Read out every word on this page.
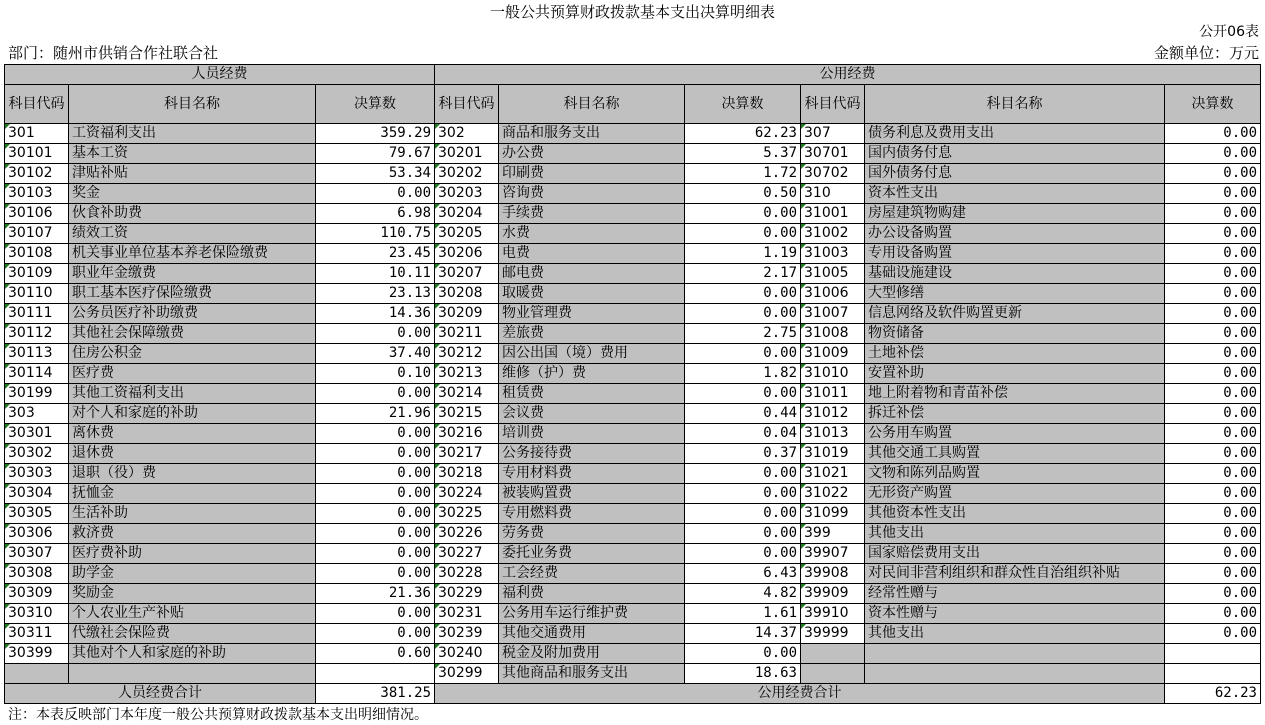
一般公共预算财政拨款基本支出决算明细表
公开06表
部门：随州市供销合作社联合社	金额单位：万元
人员经费			公用经费					
科目代码	科目名称	决算数	科目代码	科目名称	决算数	科目代码	科目名称	决算数
301	工资福利支出	359.29	302	商品和服务支出	62.23	307	债务利息及费用支出	0.00
30101	基本工资	79.67	30201	办公费	5.37	30701	国内债务付息	0.00
30102	津贴补贴	53.34	30202	印刷费	1.72	30702	国外债务付息	0.00
30103	奖金	0.00	30203	咨询费	0.50	310	资本性支出	0.00
30106	伙食补助费	6.98	30204	手续费	0.00	31001	房屋建筑物购建	0.00
30107	绩效工资	110.75	30205	水费	0.00	31002	办公设备购置	0.00
30108	机关事业单位基本养老保险缴费	23.45	30206	电费	1.19	31003	专用设备购置	0.00
30109	职业年金缴费	10.11	30207	邮电费	2.17	31005	基础设施建设	0.00
30110	职工基本医疗保险缴费	23.13	30208	取暖费	0.00	31006	大型修缮	0.00
30111	公务员医疗补助缴费	14.36	30209	物业管理费	0.00	31007	信息网络及软件购置更新	0.00
30112	其他社会保障缴费	0.00	30211	差旅费	2.75	31008	物资储备	0.00
30113	住房公积金	37.40	30212	因公出国（境）费用	0.00	31009	土地补偿	0.00
30114	医疗费	0.10	30213	维修（护）费	1.82	31010	安置补助	0.00
30199	其他工资福利支出	0.00	30214	租赁费	0.00	31011	地上附着物和青苗补偿	0.00
303	对个人和家庭的补助	21.96	30215	会议费	0.44	31012	拆迁补偿	0.00
30301	离休费	0.00	30216	培训费	0.04	31013	公务用车购置	0.00
30302	退休费	0.00	30217	公务接待费	0.37	31019	其他交通工具购置	0.00
30303	退职（役）费	0.00	30218	专用材料费	0.00	31021	文物和陈列品购置	0.00
30304	抚恤金	0.00	30224	被装购置费	0.00	31022	无形资产购置	0.00
30305	生活补助	0.00	30225	专用燃料费	0.00	31099	其他资本性支出	0.00
30306	救济费	0.00	30226	劳务费	0.00	399	其他支出	0.00
30307	医疗费补助	0.00	30227	委托业务费	0.00	39907	国家赔偿费用支出	0.00
30308	助学金	0.00	30228	工会经费	6.43	39908	对民间非营利组织和群众性自治组织补贴	0.00
30309	奖励金	21.36	30229	福利费	4.82	39909	经常性赠与	0.00
30310	个人农业生产补贴	0.00	30231	公务用车运行维护费	1.61	39910	资本性赠与	0.00
30311	代缴社会保险费	0.00	30239	其他交通费用	14.37	39999	其他支出	0.00
30399	其他对个人和家庭的补助	0.60	30240	税金及附加费用	0.00			
			30299	其他商品和服务支出	18.63			
人员经费合计		381.25	公用经费合计					62.23
注：本表反映部门本年度一般公共预算财政拨款基本支出明细情况。
